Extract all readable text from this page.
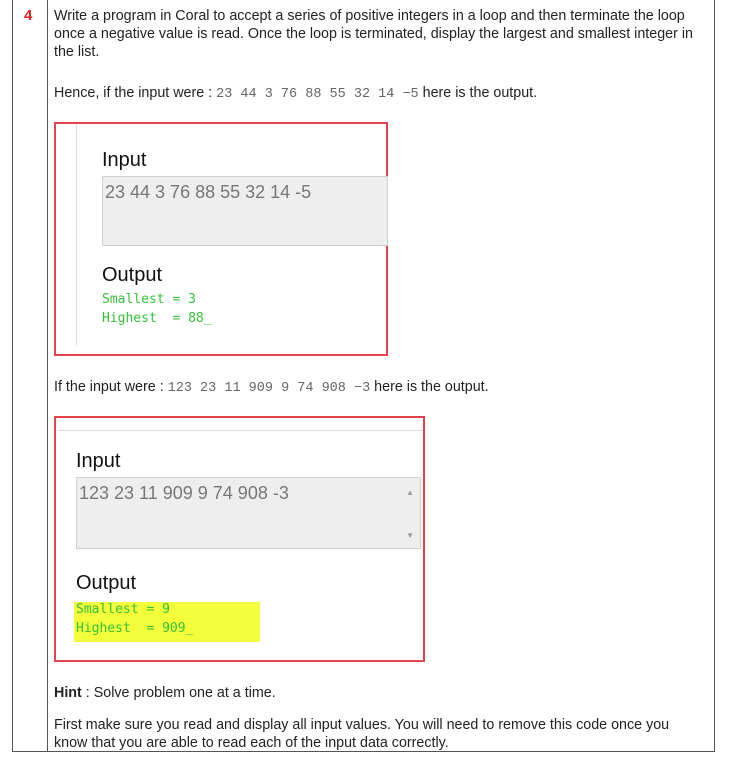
4 Write a program in Coral to accept a series of positive integers in a loop and then terminate the loop once a negative value is read. Once the loop is terminated, display the largest and smallest integer in the list.

Hence, if the input were : 23 44 3 76 88 55 32 14 −5 here is the output.

Input
23 44 3 76 88 55 32 14 -5
Output
Smallest = 3
Highest  = 88_

If the input were : 123 23 11 909 9 74 908 −3 here is the output.

Input
123 23 11 909 9 74 908 -3	▲
▼
Output
Smallest = 9
Highest  = 909_

Hint : Solve problem one at a time.

First make sure you read and display all input values. You will need to remove this code once you know that you are able to read each of the input data correctly.
